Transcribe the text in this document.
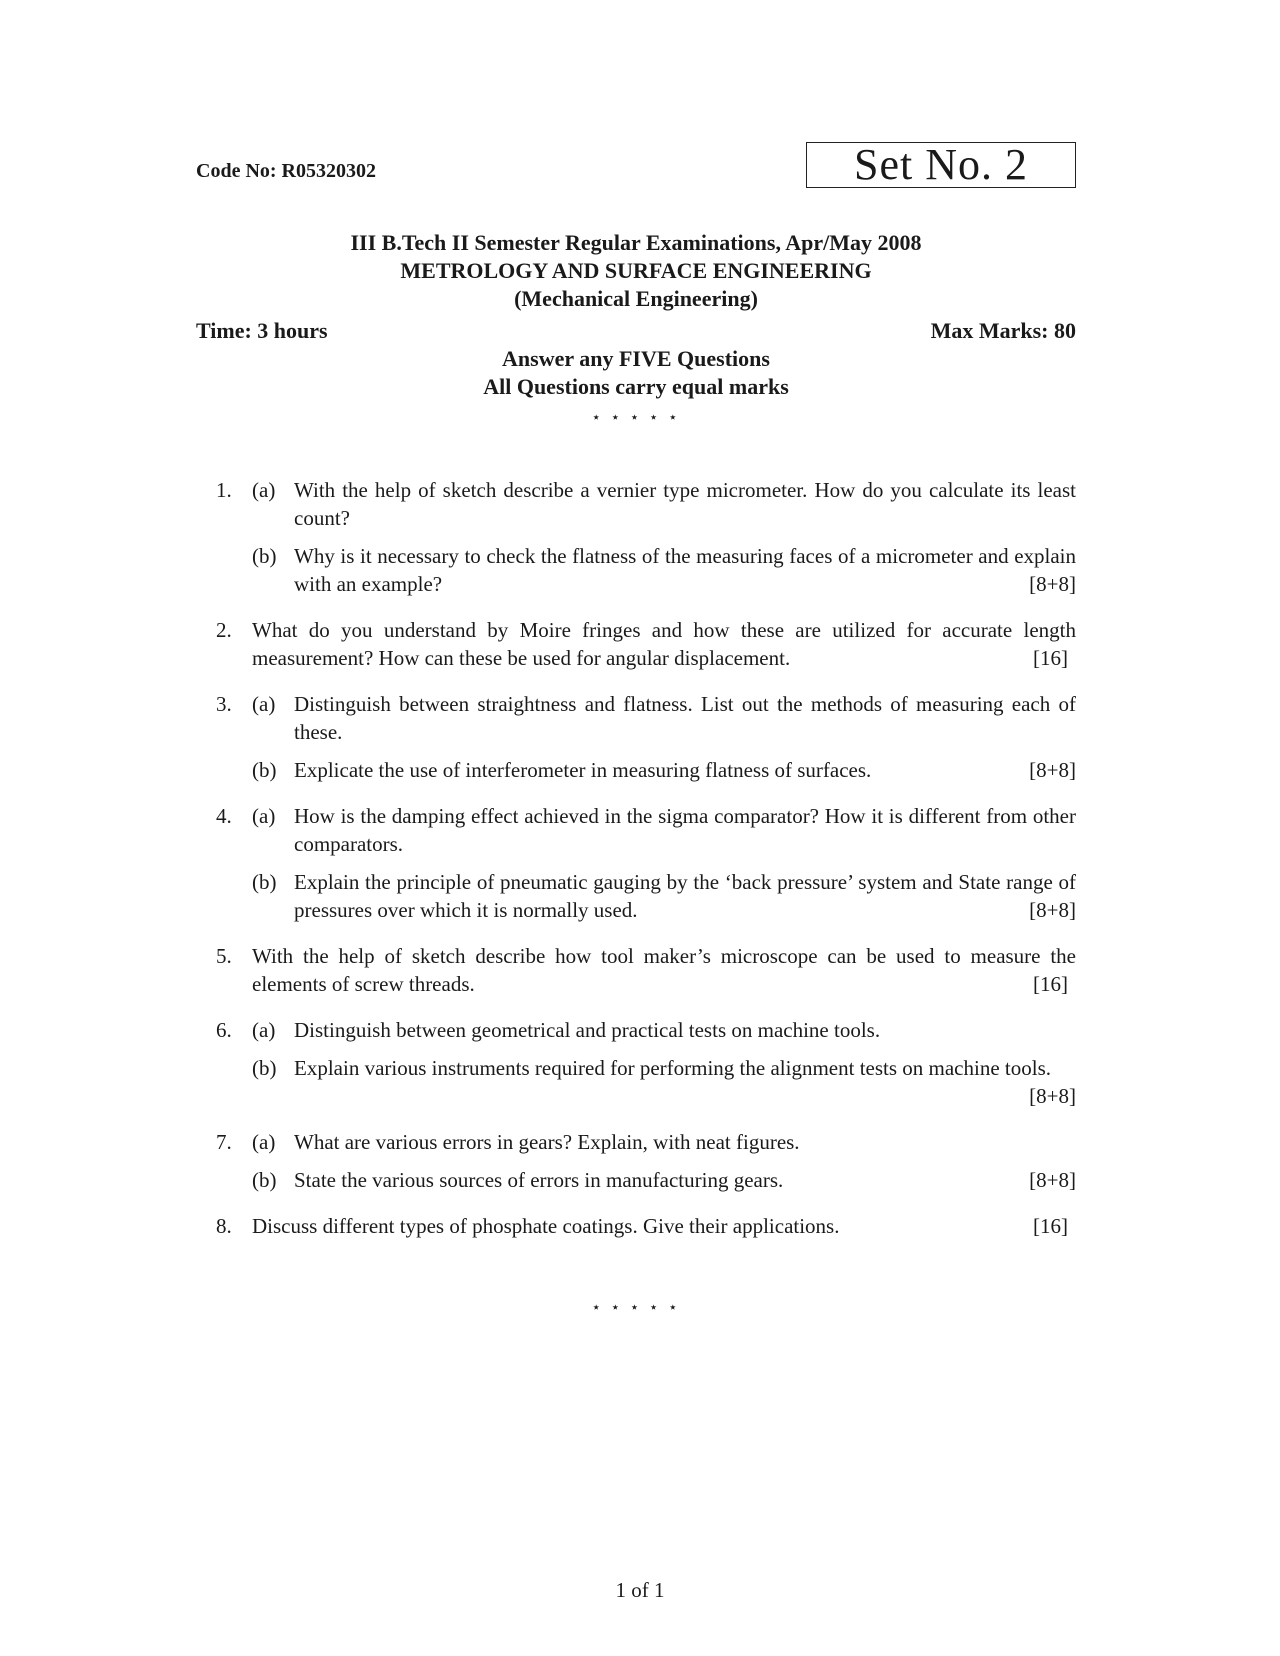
Code No: R05320302	Set No. 2
III B.Tech II Semester Regular Examinations, Apr/May 2008
METROLOGY AND SURFACE ENGINEERING
(Mechanical Engineering)
Time: 3 hours	Max Marks: 80
Answer any FIVE Questions
All Questions carry equal marks
⋆ ⋆ ⋆ ⋆ ⋆
1. (a) With the help of sketch describe a vernier type micrometer. How do you calculate its least count?
(b) Why is it necessary to check the flatness of the measuring faces of a micrometer and explain with an example?	[8+8]
2. What do you understand by Moire fringes and how these are utilized for accurate length measurement? How can these be used for angular displacement.	[16]
3. (a) Distinguish between straightness and flatness. List out the methods of measuring each of these.
(b) Explicate the use of interferometer in measuring flatness of surfaces.	[8+8]
4. (a) How is the damping effect achieved in the sigma comparator? How it is different from other comparators.
(b) Explain the principle of pneumatic gauging by the ‘back pressure’ system and State range of pressures over which it is normally used.	[8+8]
5. With the help of sketch describe how tool maker’s microscope can be used to measure the elements of screw threads.	[16]
6. (a) Distinguish between geometrical and practical tests on machine tools.
(b) Explain various instruments required for performing the alignment tests on machine tools.
[8+8]
7. (a) What are various errors in gears? Explain, with neat figures.
(b) State the various sources of errors in manufacturing gears.	[8+8]
8. Discuss different types of phosphate coatings. Give their applications.	[16]
⋆ ⋆ ⋆ ⋆ ⋆
1 of 1
